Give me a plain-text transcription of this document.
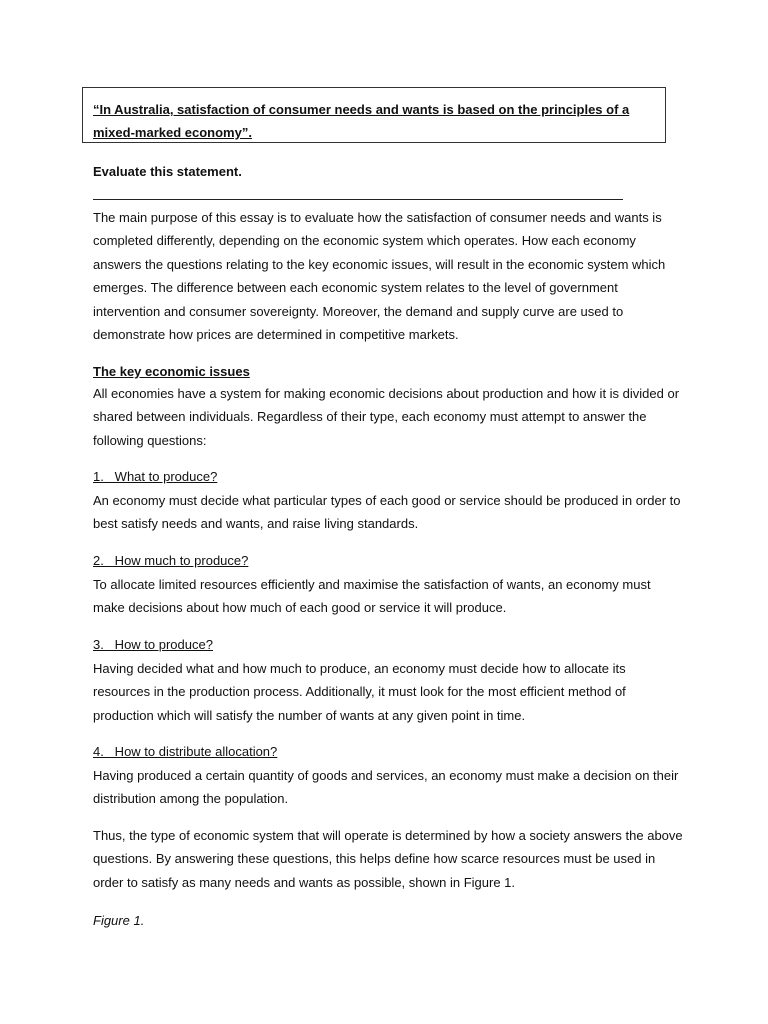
“In Australia, satisfaction of consumer needs and wants is based on the principles of a mixed-marked economy”.

Evaluate this statement.

The main purpose of this essay is to evaluate how the satisfaction of consumer needs and wants is completed differently, depending on the economic system which operates. How each economy answers the questions relating to the key economic issues, will result in the economic system which emerges. The difference between each economic system relates to the level of government intervention and consumer sovereignty. Moreover, the demand and supply curve are used to demonstrate how prices are determined in competitive markets.

The key economic issues

All economies have a system for making economic decisions about production and how it is divided or shared between individuals. Regardless of their type, each economy must attempt to answer the following questions:

1.   What to produce?

An economy must decide what particular types of each good or service should be produced in order to best satisfy needs and wants, and raise living standards.

2.   How much to produce?

To allocate limited resources efficiently and maximise the satisfaction of wants, an economy must make decisions about how much of each good or service it will produce.

3.   How to produce?

Having decided what and how much to produce, an economy must decide how to allocate its resources in the production process. Additionally, it must look for the most efficient method of production which will satisfy the number of wants at any given point in time.

4.   How to distribute allocation?

Having produced a certain quantity of goods and services, an economy must make a decision on their distribution among the population.

Thus, the type of economic system that will operate is determined by how a society answers the above questions. By answering these questions, this helps define how scarce resources must be used in order to satisfy as many needs and wants as possible, shown in Figure 1.

Figure 1.
